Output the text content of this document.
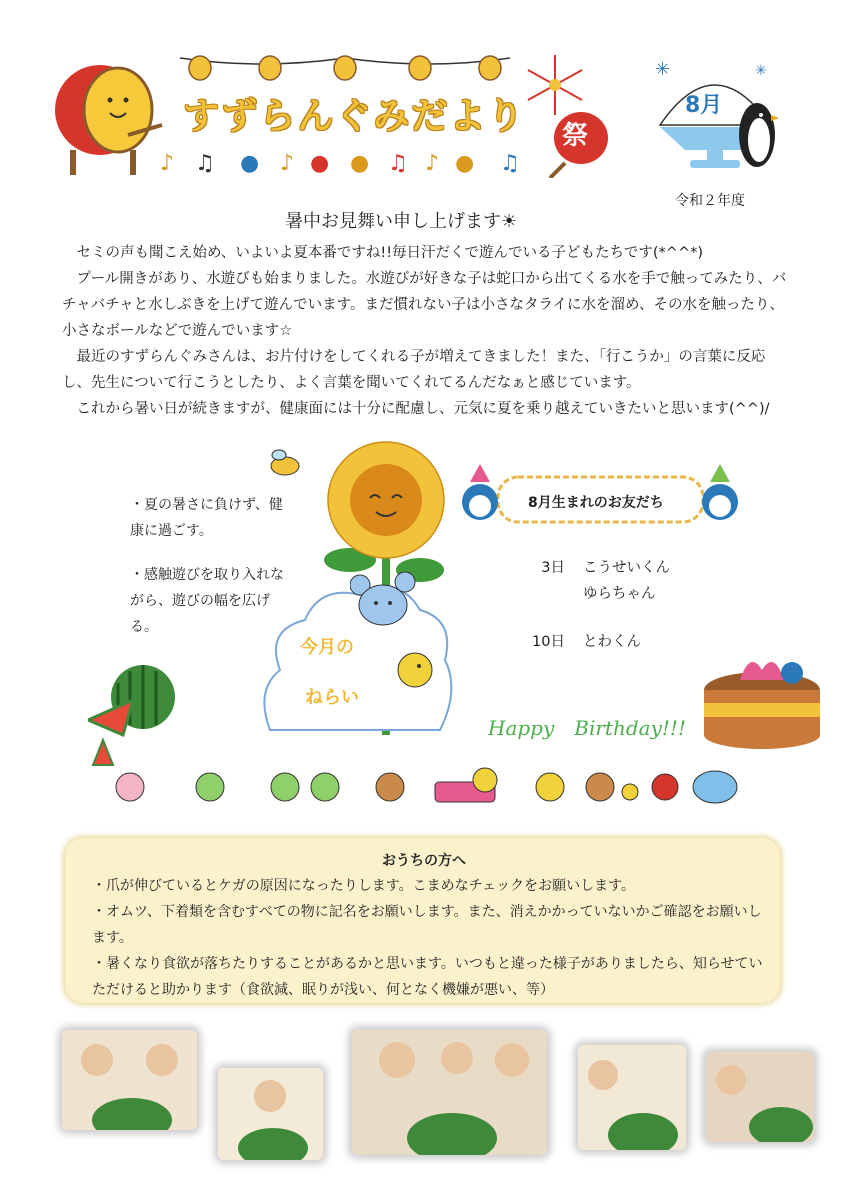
すずらんぐみだより 祭
♪ ♫ ● ♪ ● ● ♫ ♪ ● ♫
✳	✳
8月
令和２年度
暑中お見舞い申し上げます☀

　セミの声も聞こえ始め、いよいよ夏本番ですね!!毎日汗だくで遊んでいる子どもたちです(*^^*)

　プール開きがあり、水遊びも始まりました。水遊びが好きな子は蛇口から出てくる水を手で触ってみたり、バチャバチャと水しぶきを上げて遊んでいます。まだ慣れない子は小さなタライに水を溜め、その水を触ったり、小さなボールなどで遊んでいます☆

　最近のすずらんぐみさんは、お片付けをしてくれる子が増えてきました！また、「行こうか」の言葉に反応し、先生について行こうとしたり、よく言葉を聞いてくれてるんだなぁと感じています。

　これから暑い日が続きますが、健康面には十分に配慮し、元気に夏を乗り越えていきたいと思います(^^)/

・夏の暑さに負けず、健康に過ごす。

・感触遊びを取り入れながら、遊びの幅を広げる。

今月の
ねらい
8月生まれのお友だち
3日	こうせいくん
ゆらちゃん
10日	とわくん
Happy　Birthday!!!
おうちの方へ

・爪が伸びているとケガの原因になったりします。こまめなチェックをお願いします。

・オムツ、下着類を含むすべての物に記名をお願いします。また、消えかかっていないかご確認をお願いします。

・暑くなり食欲が落ちたりすることがあるかと思います。いつもと違った様子がありましたら、知らせていただけると助かります（食欲減、眠りが浅い、何となく機嫌が悪い、等）
